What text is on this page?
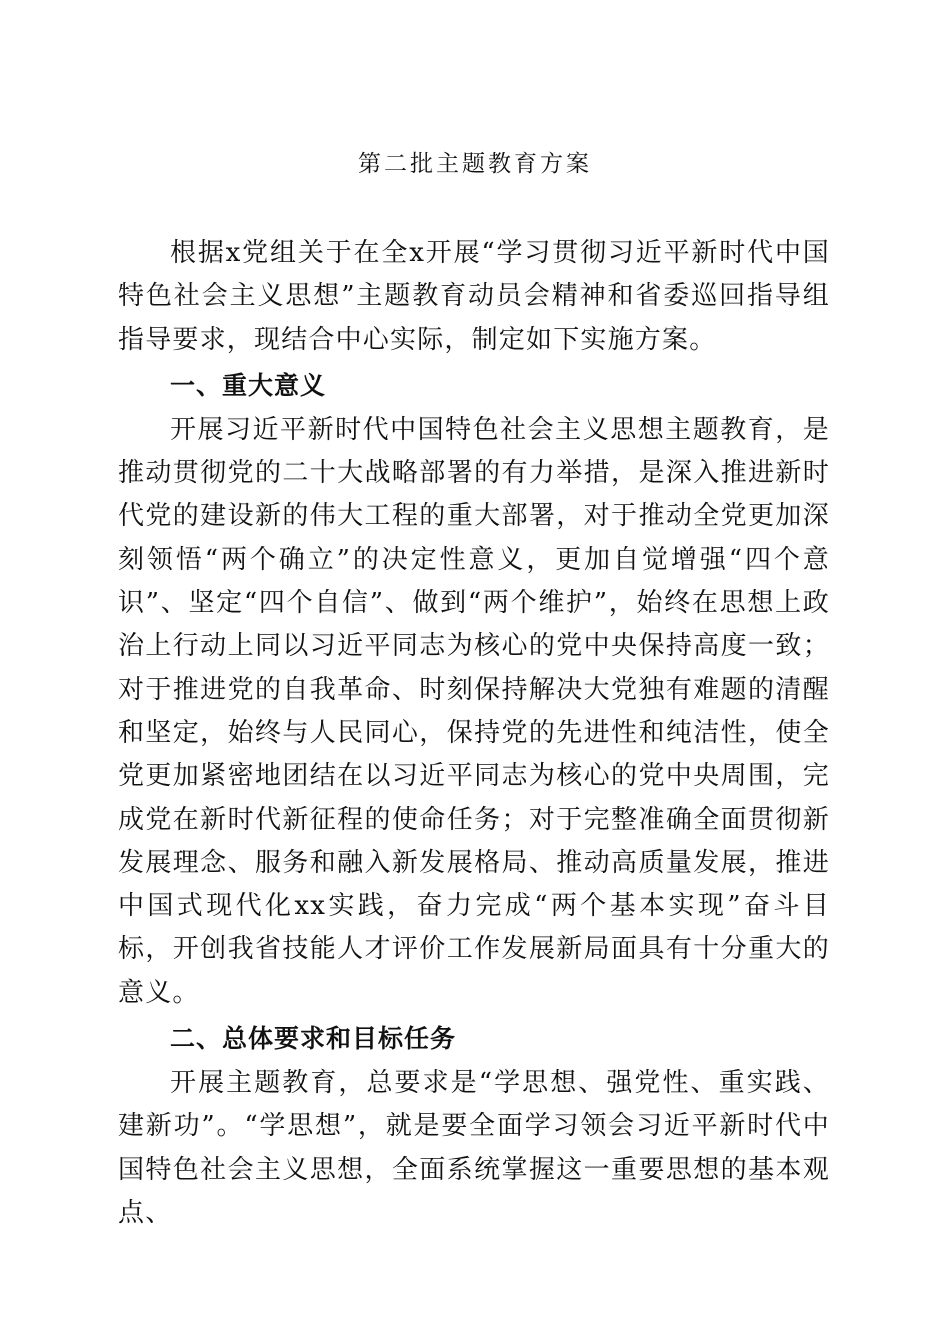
第二批主题教育方案

根据x党组关于在全x开展“学习贯彻习近平新时代中国特色社会主义思想”主题教育动员会精神和省委巡回指导组指导要求，现结合中心实际，制定如下实施方案。

一、重大意义

开展习近平新时代中国特色社会主义思想主题教育，是推动贯彻党的二十大战略部署的有力举措，是深入推进新时代党的建设新的伟大工程的重大部署，对于推动全党更加深刻领悟“两个确立”的决定性意义，更加自觉增强“四个意识”、坚定“四个自信”、做到“两个维护”，始终在思想上政治上行动上同以习近平同志为核心的党中央保持高度一致；对于推进党的自我革命、时刻保持解决大党独有难题的清醒和坚定，始终与人民同心，保持党的先进性和纯洁性，使全党更加紧密地团结在以习近平同志为核心的党中央周围，完成党在新时代新征程的使命任务；对于完整准确全面贯彻新发展理念、服务和融入新发展格局、推动高质量发展，推进中国式现代化xx实践，奋力完成“两个基本实现”奋斗目标，开创我省技能人才评价工作发展新局面具有十分重大的意义。

二、总体要求和目标任务

开展主题教育，总要求是“学思想、强党性、重实践、建新功”。“学思想”，就是要全面学习领会习近平新时代中国特色社会主义思想，全面系统掌握这一重要思想的基本观点、
